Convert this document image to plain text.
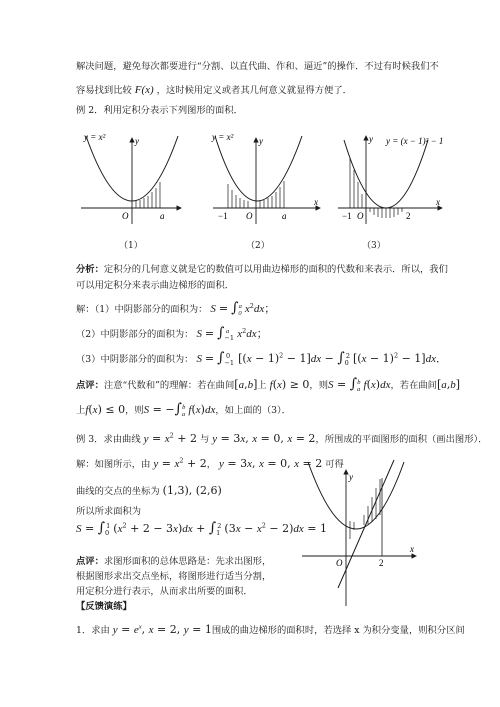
解决问题，避免每次都要进行“分割、以直代曲、作和、逼近”的操作．不过有时候我们不
容易找到比较 F(x) ，这时候用定义或者其几何意义就显得方便了．
例 2．利用定积分表示下列图形的面积．
y = x²	y
O	a
（1）
y = x²	y
−1 O	a
x
（2）
y = (x − 1)² − 1
y
−1 O	2
x
（3）
分析：定积分的几何意义就是它的数值可以用曲边梯形的面积的代数和来表示．所以，我们
可以用定积分来表示曲边梯形的面积．
解：（1）中阴影部分的面积为： $S = \int_0^a$ $x^2dx$；
（2）中阴影部分的面积为： $S = \int_{-1}^a$ $x^2dx$；
（3）中阴影部分的面积为： $S = \int_{-1}^0$ $[(x - 1)^2 - 1]dx - \int_0^2$ $[(x - 1)^2 - 1]dx$．
点评：注意“代数和”的理解：若在曲间[a,b]上 f(x) ≥ 0，则$S = \int_a^b$ f(x)dx，若在曲间[a,b]
上f(x) ≤ 0，则$S = -\int_a^b$ f(x)dx，如上面的（3）．
例 3．求由曲线 $y = x^2 + 2$ 与 y = 3x, x = 0, x = 2，所围成的平面图形的面积（画出图形）．
解：如图所示，由 $y = x^2 + 2$， y = 3x, x = 0, x = 2 可得
曲线的交点的坐标为 (1,3), (2,6)
所以所求面积为
$S = \int_0^1$ $(x^2 + 2 - 3x)dx + \int_1^2$ $(3x - x^2 - 2)dx = 1$
y
O	2
x
点评：求图形面积的总体思路是：先求出图形，
根据图形求出交点坐标，将图形进行适当分割，
用定积分进行表示，从而求出所要的面积．
【反馈演练】
1．求由 $y = e^x$, x = 2, y = 1围成的曲边梯形的面积时，若选择 x 为积分变量，则积分区间
